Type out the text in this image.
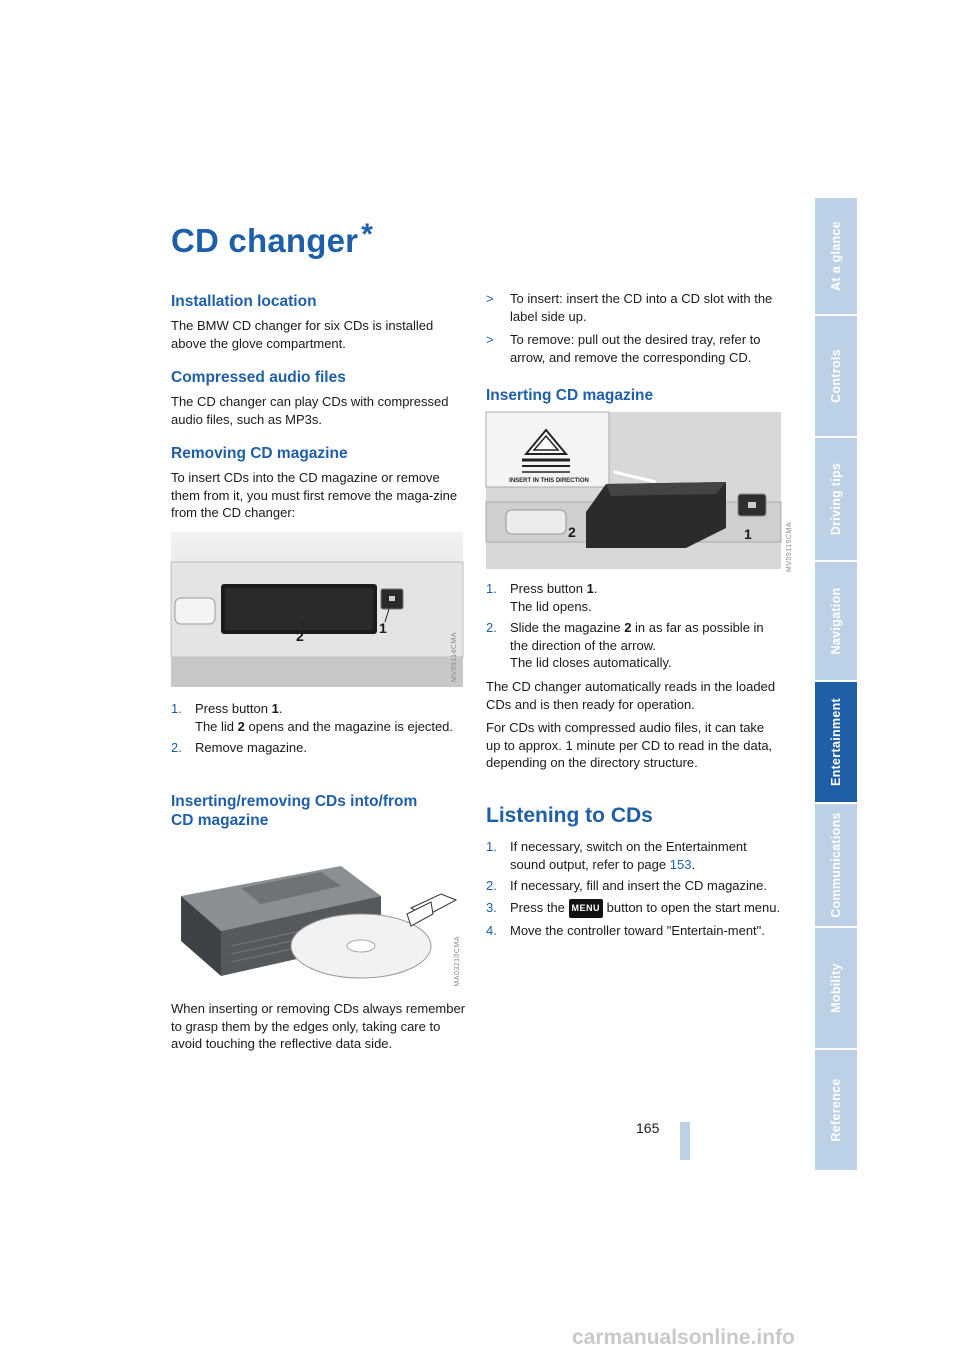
CD changer *
Installation location

The BMW CD changer for six CDs is installed above the glove compartment.

Compressed audio files

The CD changer can play CDs with compressed audio files, such as MP3s.

Removing CD magazine

To insert CDs into the CD magazine or remove them from it, you must first remove the maga-zine from the CD changer:

2	1
MV09114CMA
1. Press button 1.
The lid 2 opens and the magazine is ejected.
2. Remove magazine.
Inserting/removing CDs into/from
CD magazine
MA03210CMA

When inserting or removing CDs always remember to grasp them by the edges only, taking care to avoid touching the reflective data side.

> To insert: insert the CD into a CD slot with the label side up.
> To remove: pull out the desired tray, refer to arrow, and remove the corresponding CD.
Inserting CD magazine
INSERT IN THIS DIRECTION
2	1	MV09115CMA
1. Press button 1.
The lid opens.
2. Slide the magazine 2 in as far as possible in the direction of the arrow.
The lid closes automatically.

The CD changer automatically reads in the loaded CDs and is then ready for operation.

For CDs with compressed audio files, it can take up to approx. 1 minute per CD to read in the data, depending on the directory structure.

Listening to CDs
1. If necessary, switch on the Entertainment sound output, refer to page 153.
2. If necessary, fill and insert the CD magazine.
3. Press the MENU button to open the start menu.
4. Move the controller toward "Entertain-ment".
At a glance
Controls
Driving tips
Navigation
Entertainment
Communications
Mobility
Reference
165
carmanualsonline.info
